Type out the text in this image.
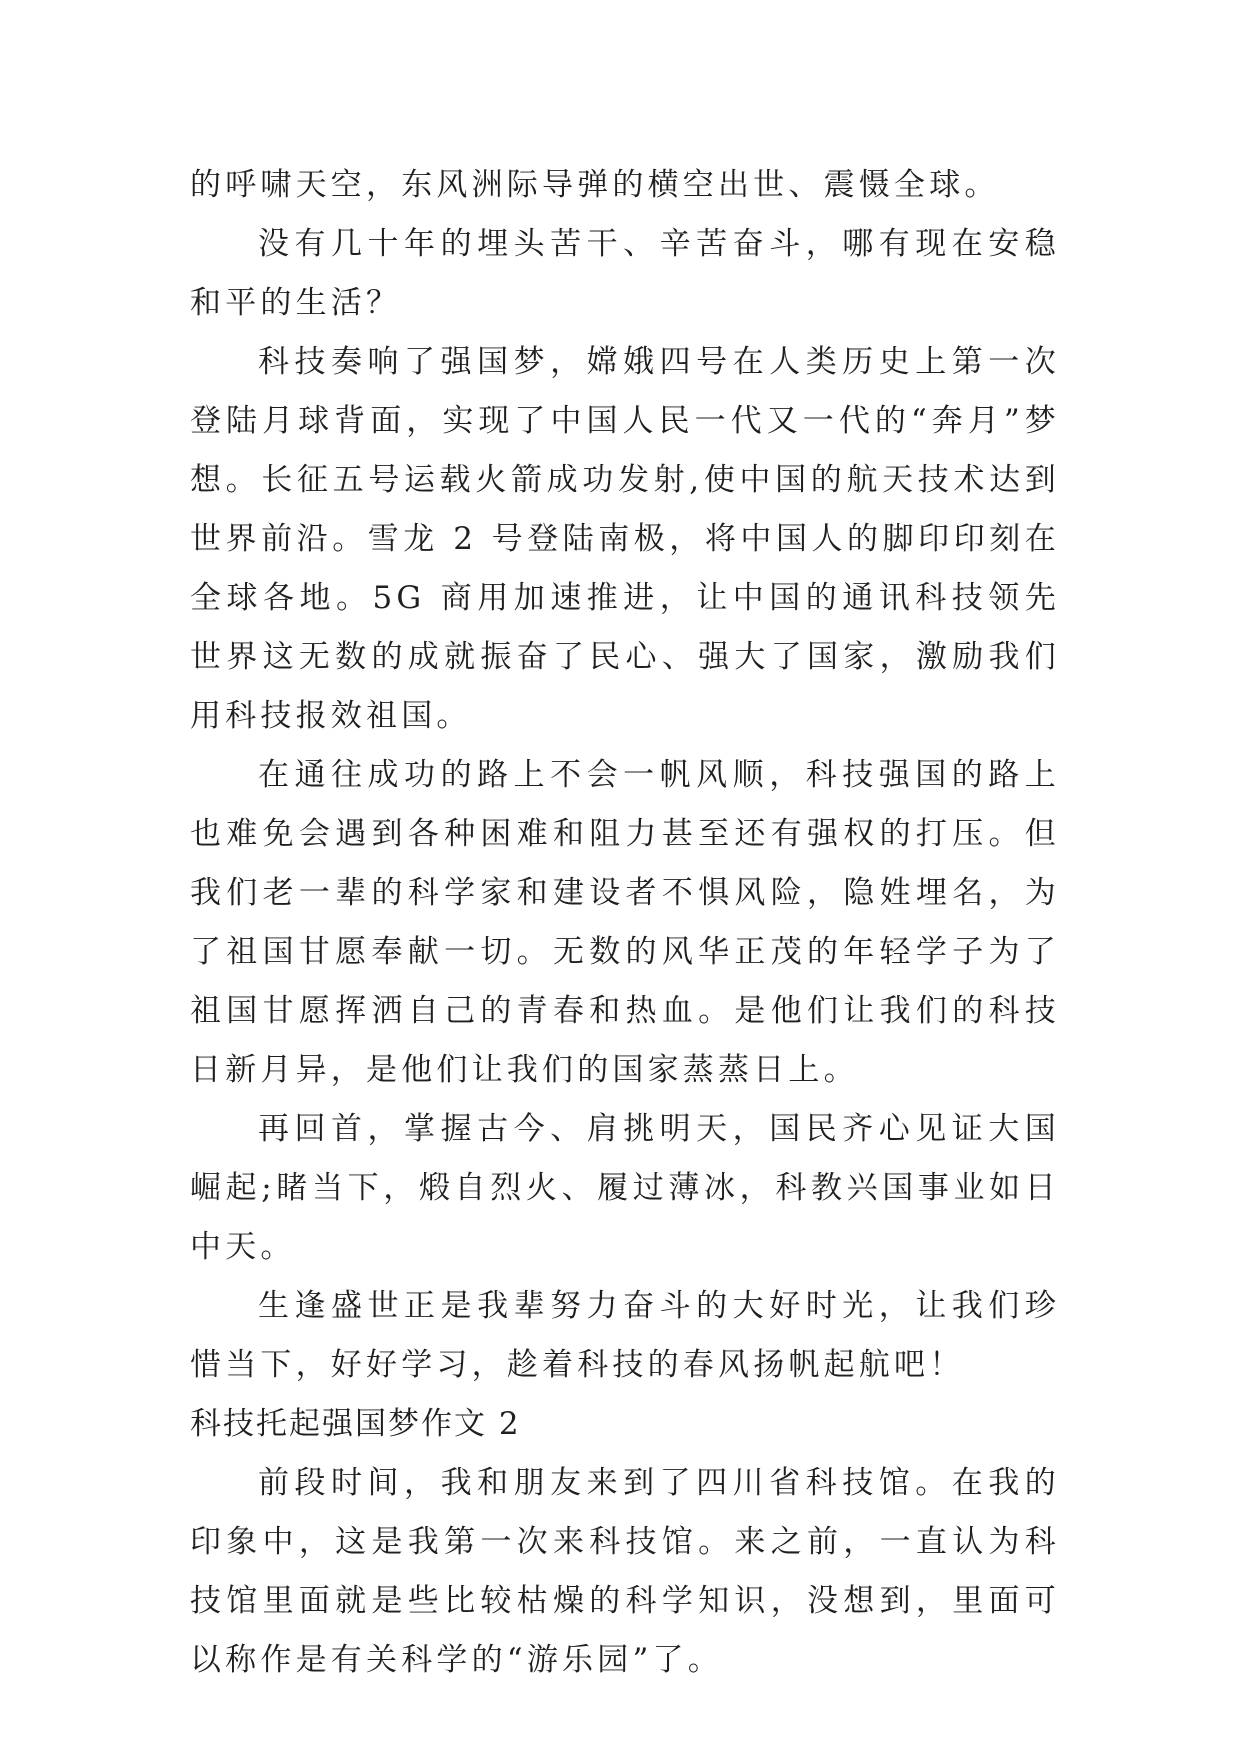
的呼啸天空，东风洲际导弹的横空出世、震慑全球。

没有几十年的埋头苦干、辛苦奋斗，哪有现在安稳和平的生活？

科技奏响了强国梦，嫦娥四号在人类历史上第一次登陆月球背面，实现了中国人民一代又一代的“奔月”梦想。长征五号运载火箭成功发射,使中国的航天技术达到世界前沿。雪龙 2 号登陆南极，将中国人的脚印印刻在全球各地。5G 商用加速推进，让中国的通讯科技领先世界这无数的成就振奋了民心、强大了国家，激励我们用科技报效祖国。

在通往成功的路上不会一帆风顺，科技强国的路上也难免会遇到各种困难和阻力甚至还有强权的打压。但我们老一辈的科学家和建设者不惧风险，隐姓埋名，为了祖国甘愿奉献一切。无数的风华正茂的年轻学子为了祖国甘愿挥洒自己的青春和热血。是他们让我们的科技日新月异，是他们让我们的国家蒸蒸日上。

再回首，掌握古今、肩挑明天，国民齐心见证大国崛起;睹当下，煅自烈火、履过薄冰，科教兴国事业如日中天。

生逢盛世正是我辈努力奋斗的大好时光，让我们珍惜当下，好好学习，趁着科技的春风扬帆起航吧！

科技托起强国梦作文 2

前段时间，我和朋友来到了四川省科技馆。在我的印象中，这是我第一次来科技馆。来之前，一直认为科技馆里面就是些比较枯燥的科学知识，没想到，里面可以称作是有关科学的“游乐园”了。
